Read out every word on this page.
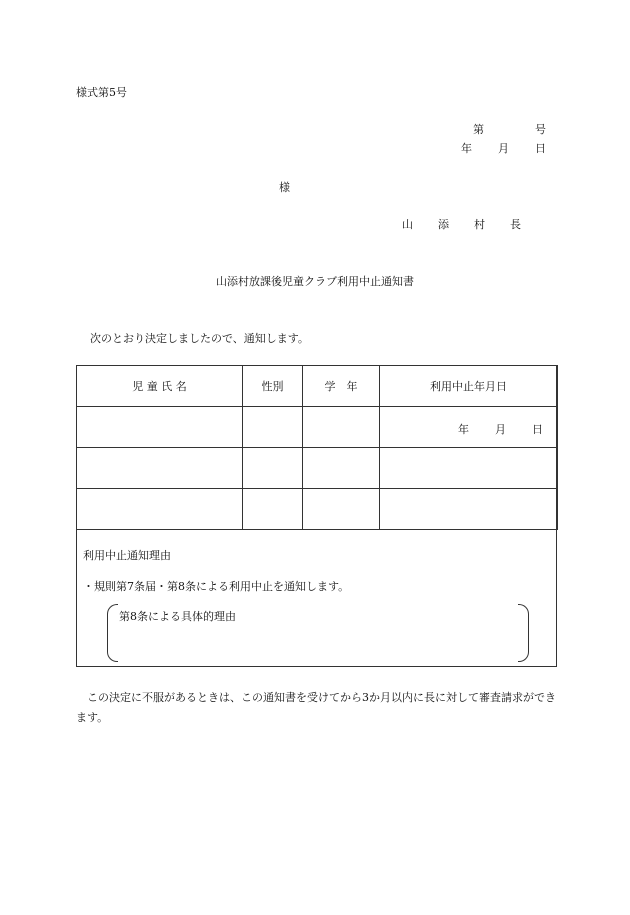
様式第5号
第	号
年 月 日
様
山 添 村 長
山添村放課後児童クラブ利用中止通知書
次のとおり決定しましたので、通知します。
児 童 氏 名	性別	学　年	利用中止年月日

			年 月 日

利用中止通知理由
・規則第7条届・第8条による利用中止を通知します。
第8条による具体的理由
　この決定に不服があるときは、この通知書を受けてから3か月以内に長に対して審査請求ができます。
